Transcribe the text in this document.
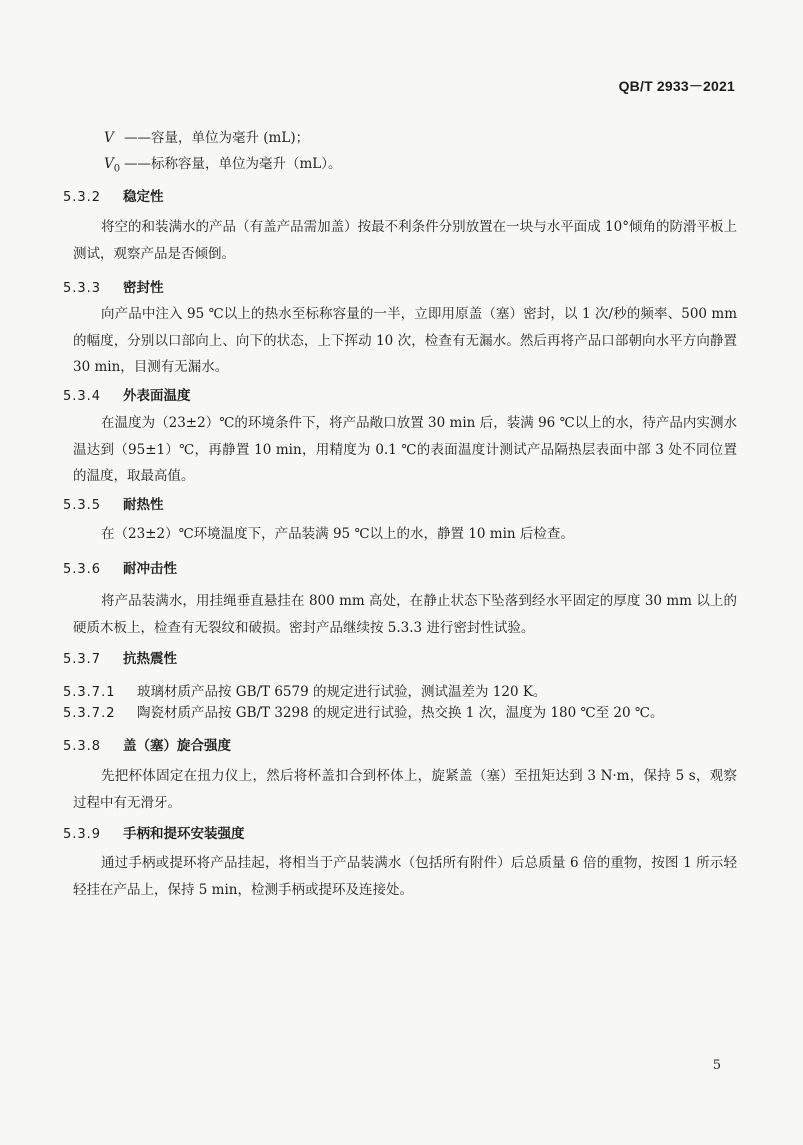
QB/T 2933－2021
V ——容量，单位为毫升 (mL)；
$V_0$ ——标称容量，单位为毫升（mL）。
5.3.2 稳定性

将空的和装满水的产品（有盖产品需加盖）按最不利条件分别放置在一块与水平面成 10°倾角的防滑平板上测试，观察产品是否倾倒。

5.3.3 密封性

向产品中注入 95 ℃以上的热水至标称容量的一半，立即用原盖（塞）密封，以 1 次/秒的频率、500 mm 的幅度，分别以口部向上、向下的状态，上下挥动 10 次，检查有无漏水。然后再将产品口部朝向水平方向静置 30 min，目测有无漏水。

5.3.4 外表面温度

在温度为（23±2）℃的环境条件下，将产品敞口放置 30 min 后，装满 96 ℃以上的水，待产品内实测水温达到（95±1）℃，再静置 10 min，用精度为 0.1 ℃的表面温度计测试产品隔热层表面中部 3 处不同位置的温度，取最高值。

5.3.5 耐热性

在（23±2）℃环境温度下，产品装满 95 ℃以上的水，静置 10 min 后检查。

5.3.6 耐冲击性

将产品装满水，用挂绳垂直悬挂在 800 mm 高处，在静止状态下坠落到经水平固定的厚度 30 mm 以上的硬质木板上，检查有无裂纹和破损。密封产品继续按 5.3.3 进行密封性试验。

5.3.7 抗热震性
5.3.7.1 玻璃材质产品按 GB/T 6579 的规定进行试验，测试温差为 120 K。
5.3.7.2 陶瓷材质产品按 GB/T 3298 的规定进行试验，热交换 1 次，温度为 180 ℃至 20 ℃。
5.3.8 盖（塞）旋合强度

先把杯体固定在扭力仪上，然后将杯盖扣合到杯体上，旋紧盖（塞）至扭矩达到 3 N·m，保持 5 s，观察过程中有无滑牙。

5.3.9 手柄和提环安装强度

通过手柄或提环将产品挂起，将相当于产品装满水（包括所有附件）后总质量 6 倍的重物，按图 1 所示轻轻挂在产品上，保持 5 min，检测手柄或提环及连接处。

5
